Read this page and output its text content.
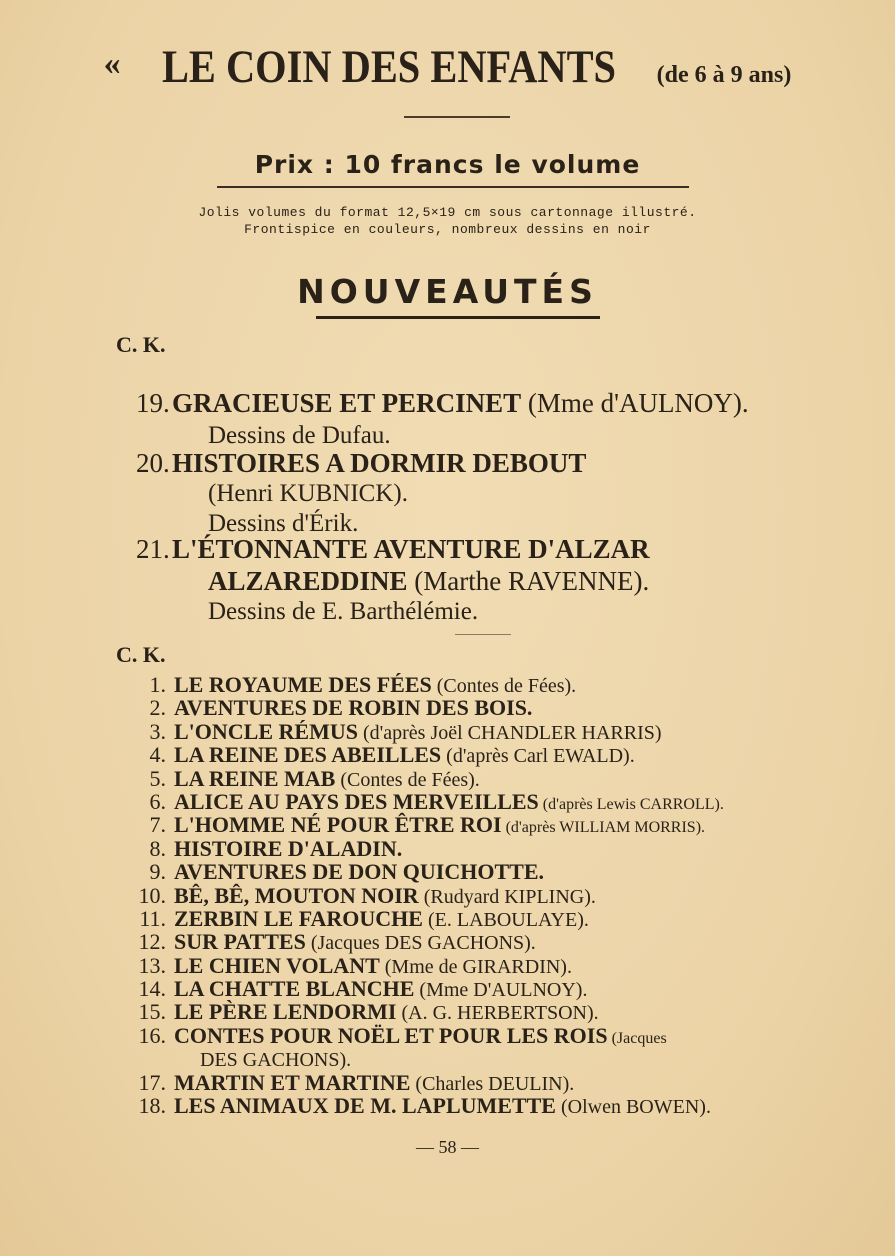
« LE COIN DES ENFANTS (de 6 à 9 ans)
Prix : 10 francs le volume
Jolis volumes du format 12,5×19 cm sous cartonnage illustré.
Frontispice en couleurs, nombreux dessins en noir
NOUVEAUTÉS
C. K.
19.GRACIEUSE ET PERCINET (Mme d'AULNOY).
Dessins de Dufau.
20.HISTOIRES A DORMIR DEBOUT
(Henri KUBNICK).
Dessins d'Érik.
21.L'ÉTONNANTE AVENTURE D'ALZAR
ALZAREDDINE (Marthe RAVENNE).
Dessins de E. Barthélémie.
C. K.
1. LE ROYAUME DES FÉES (Contes de Fées).
2. AVENTURES DE ROBIN DES BOIS.
3. L'ONCLE RÉMUS (d'après Joël CHANDLER HARRIS)
4. LA REINE DES ABEILLES (d'après Carl EWALD).
5. LA REINE MAB (Contes de Fées).
6. ALICE AU PAYS DES MERVEILLES (d'après Lewis CARROLL).
7. L'HOMME NÉ POUR ÊTRE ROI (d'après WILLIAM MORRIS).
8. HISTOIRE D'ALADIN.
9. AVENTURES DE DON QUICHOTTE.
10. BÊ, BÊ, MOUTON NOIR (Rudyard KIPLING).
11. ZERBIN LE FAROUCHE (E. LABOULAYE).
12. SUR PATTES (Jacques DES GACHONS).
13. LE CHIEN VOLANT (Mme de GIRARDIN).
14. LA CHATTE BLANCHE (Mme D'AULNOY).
15. LE PÈRE LENDORMI (A. G. HERBERTSON).
16. CONTES POUR NOËL ET POUR LES ROIS (Jacques
DES GACHONS).
17. MARTIN ET MARTINE (Charles DEULIN).
18. LES ANIMAUX DE M. LAPLUMETTE (Olwen BOWEN).
— 58 —
